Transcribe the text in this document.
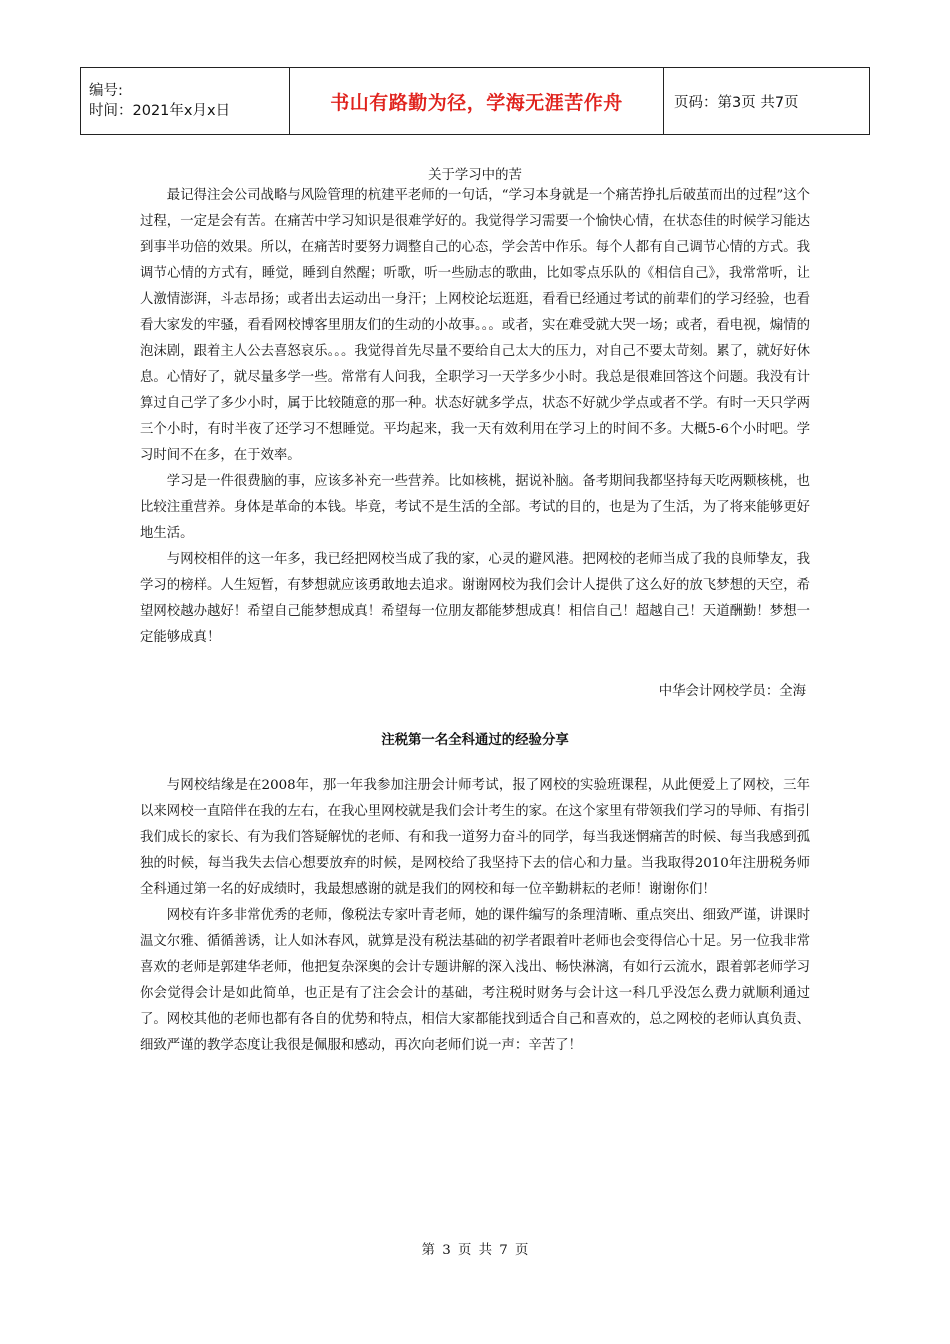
编号:
时间：2021年x月x日	书山有路勤为径，学海无涯苦作舟	页码：第3页 共7页
关于学习中的苦

最记得注会公司战略与风险管理的杭建平老师的一句话，“学习本身就是一个痛苦挣扎后破茧而出的过程”这个过程，一定是会有苦。在痛苦中学习知识是很难学好的。我觉得学习需要一个愉快心情，在状态佳的时候学习能达到事半功倍的效果。所以，在痛苦时要努力调整自己的心态，学会苦中作乐。每个人都有自己调节心情的方式。我调节心情的方式有，睡觉，睡到自然醒；听歌，听一些励志的歌曲，比如零点乐队的《相信自己》，我常常听，让人激情澎湃，斗志昂扬；或者出去运动出一身汗；上网校论坛逛逛，看看已经通过考试的前辈们的学习经验，也看看大家发的牢骚，看看网校博客里朋友们的生动的小故事。。。或者，实在难受就大哭一场；或者，看电视，煽情的泡沫剧，跟着主人公去喜怒哀乐。。。我觉得首先尽量不要给自己太大的压力，对自己不要太苛刻。累了，就好好休息。心情好了，就尽量多学一些。常常有人问我，全职学习一天学多少小时。我总是很难回答这个问题。我没有计算过自己学了多少小时，属于比较随意的那一种。状态好就多学点，状态不好就少学点或者不学。有时一天只学两三个小时，有时半夜了还学习不想睡觉。平均起来，我一天有效利用在学习上的时间不多。大概5-6个小时吧。学习时间不在多，在于效率。

学习是一件很费脑的事，应该多补充一些营养。比如核桃，据说补脑。备考期间我都坚持每天吃两颗核桃，也比较注重营养。身体是革命的本钱。毕竟，考试不是生活的全部。考试的目的，也是为了生活，为了将来能够更好地生活。

与网校相伴的这一年多，我已经把网校当成了我的家，心灵的避风港。把网校的老师当成了我的良师挚友，我学习的榜样。人生短暂，有梦想就应该勇敢地去追求。谢谢网校为我们会计人提供了这么好的放飞梦想的天空，希望网校越办越好！希望自己能梦想成真！希望每一位朋友都能梦想成真！相信自己！超越自己！天道酬勤！梦想一定能够成真！

中华会计网校学员：全海
注税第一名全科通过的经验分享

与网校结缘是在2008年，那一年我参加注册会计师考试，报了网校的实验班课程，从此便爱上了网校，三年以来网校一直陪伴在我的左右，在我心里网校就是我们会计考生的家。在这个家里有带领我们学习的导师、有指引我们成长的家长、有为我们答疑解忧的老师、有和我一道努力奋斗的同学，每当我迷惘痛苦的时候、每当我感到孤独的时候，每当我失去信心想要放弃的时候，是网校给了我坚持下去的信心和力量。当我取得2010年注册税务师全科通过第一名的好成绩时，我最想感谢的就是我们的网校和每一位辛勤耕耘的老师！谢谢你们！

网校有许多非常优秀的老师，像税法专家叶青老师，她的课件编写的条理清晰、重点突出、细致严谨，讲课时温文尔雅、循循善诱，让人如沐春风，就算是没有税法基础的初学者跟着叶老师也会变得信心十足。另一位我非常喜欢的老师是郭建华老师，他把复杂深奥的会计专题讲解的深入浅出、畅快淋漓，有如行云流水，跟着郭老师学习你会觉得会计是如此简单，也正是有了注会会计的基础，考注税时财务与会计这一科几乎没怎么费力就顺利通过了。网校其他的老师也都有各自的优势和特点，相信大家都能找到适合自己和喜欢的，总之网校的老师认真负责、细致严谨的教学态度让我很是佩服和感动，再次向老师们说一声：辛苦了！

第 3 页 共 7 页
